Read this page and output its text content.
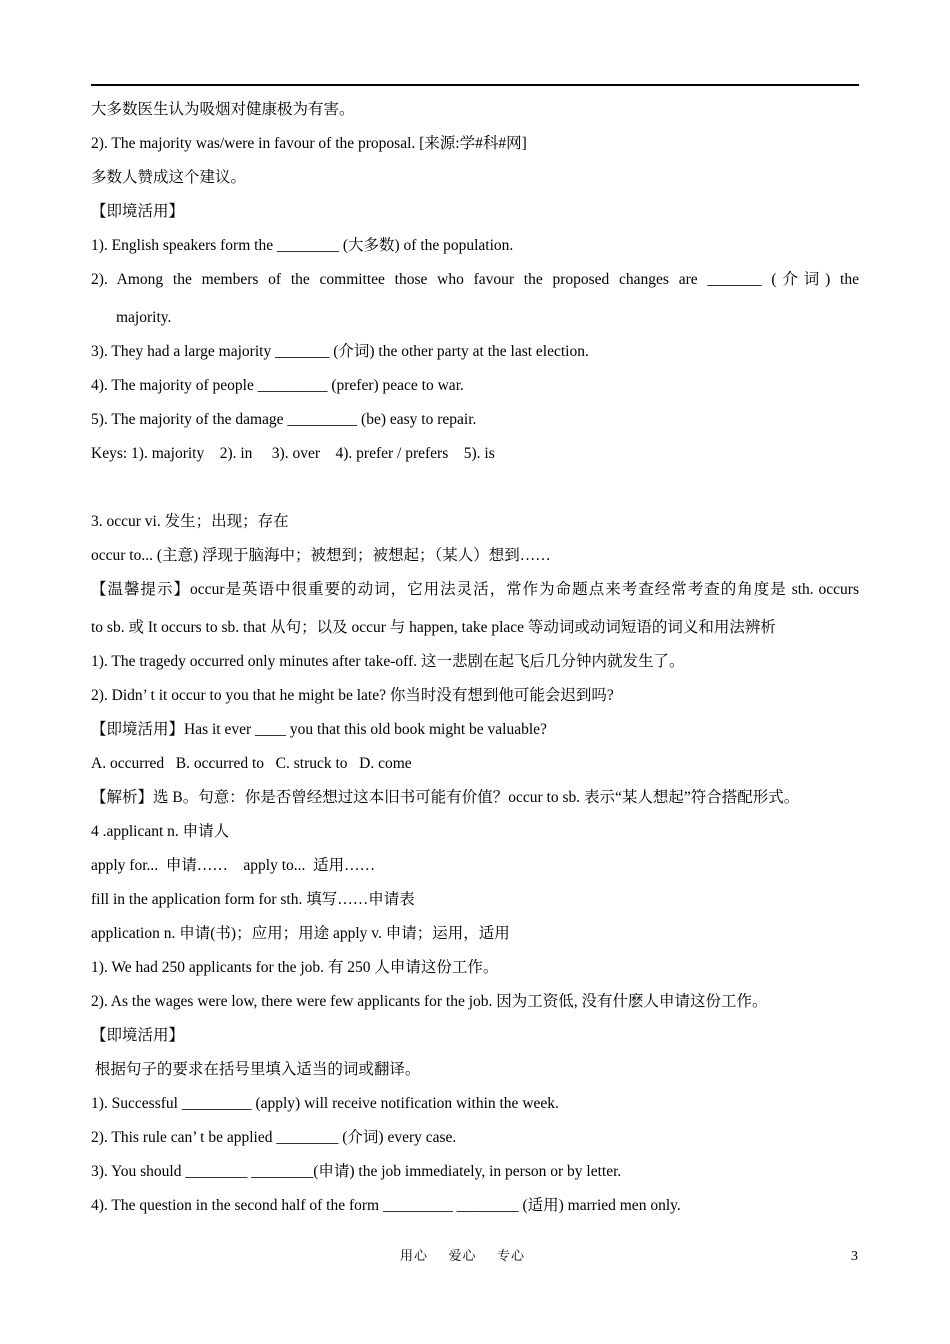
大多数医生认为吸烟对健康极为有害。
2). The majority was/were in favour of the proposal. [来源:学#科#网]
多数人赞成这个建议。
【即境活用】
1). English speakers form the ________ (大多数) of the population.
2). Among the members of the committee those who favour the proposed changes are _______ (介词) the
majority.
3). They had a large majority _______ (介词) the other party at the last election.
4). The majority of people _________ (prefer) peace to war.
5). The majority of the damage _________ (be) easy to repair.
Keys: 1). majority    2). in     3). over    4). prefer / prefers    5). is
3. occur vi. 发生；出现；存在
occur to... (主意) 浮现于脑海中；被想到；被想起；（某人）想到……
【温馨提示】occur是英语中很重要的动词，它用法灵活，常作为命题点来考查经常考查的角度是 sth. occurs
to sb. 或 It occurs to sb. that 从句；以及 occur 与 happen, take place 等动词或动词短语的词义和用法辨析
1). The tragedy occurred only minutes after take-off. 这一悲剧在起飞后几分钟内就发生了。
2). Didn’ t it occur to you that he might be late? 你当时没有想到他可能会迟到吗?
【即境活用】Has it ever ____ you that this old book might be valuable?
A. occurred   B. occurred to   C. struck to   D. come
【解析】选 B。句意：你是否曾经想过这本旧书可能有价值？occur to sb. 表示“某人想起”符合搭配形式。
4 .applicant n. 申请人
apply for...  申请……    apply to...  适用……
fill in the application form for sth. 填写……申请表
application n. 申请(书)；应用；用途 apply v. 申请；运用，适用
1). We had 250 applicants for the job. 有 250 人申请这份工作。
2). As the wages were low, there were few applicants for the job. 因为工资低, 没有什麽人申请这份工作。
【即境活用】
根据句子的要求在括号里填入适当的词或翻译。
1). Successful _________ (apply) will receive notification within the week.
2). This rule can’ t be applied ________ (介词) every case.
3). You should ________ ________(申请) the job immediately, in person or by letter.
4). The question in the second half of the form _________ ________ (适用) married men only.
用心    爱心    专心	3
